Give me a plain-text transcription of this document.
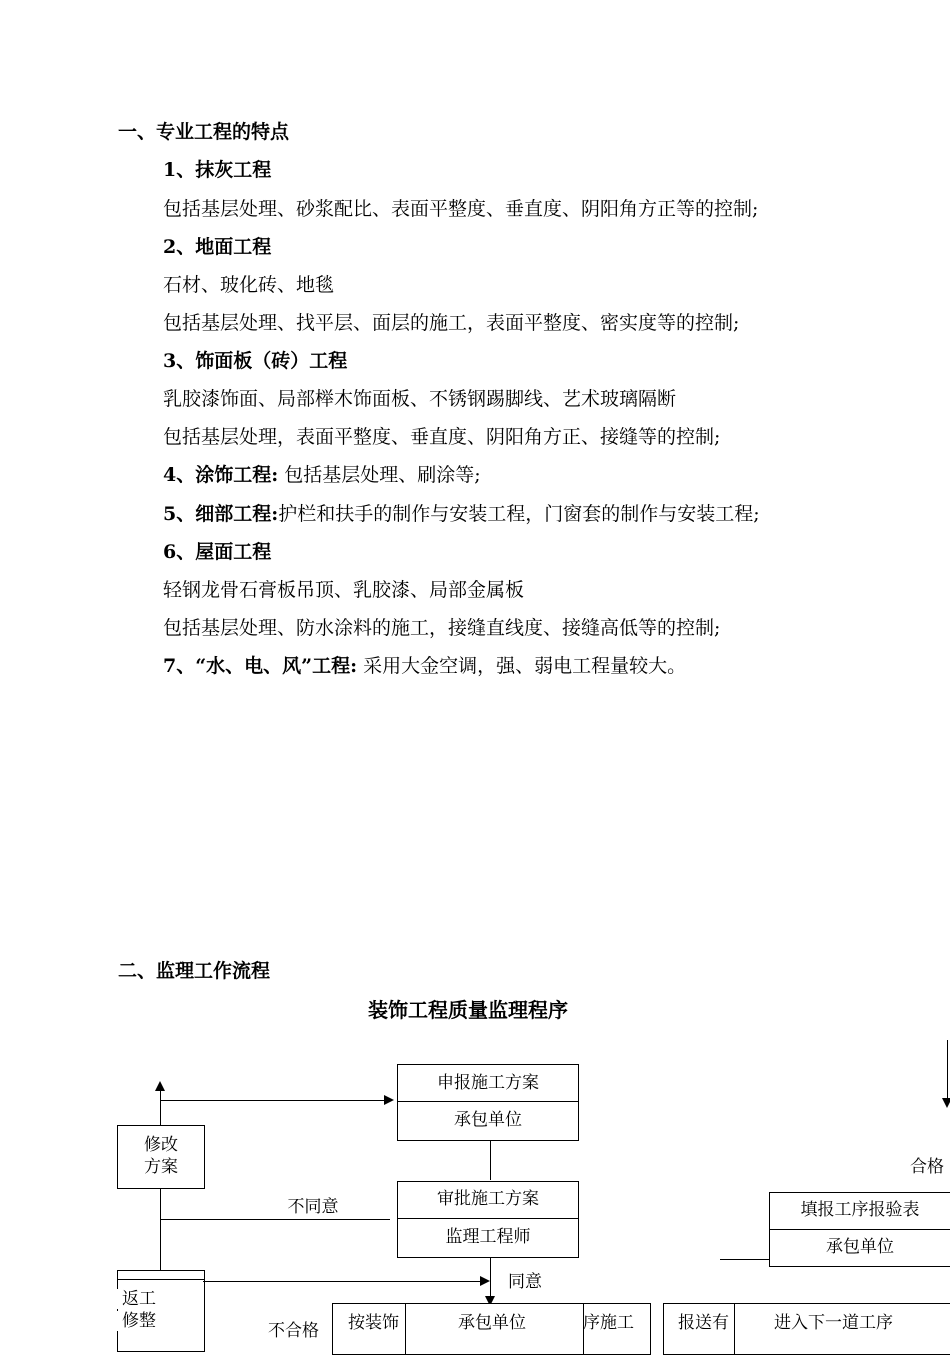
一、专业工程的特点
1、抹灰工程
包括基层处理、砂浆配比、表面平整度、垂直度、阴阳角方正等的控制;
2、地面工程
石材、玻化砖、地毯
包括基层处理、找平层、面层的施工，表面平整度、密实度等的控制;
3、饰面板（砖）工程
乳胶漆饰面、局部榉木饰面板、不锈钢踢脚线、艺术玻璃隔断
包括基层处理，表面平整度、垂直度、阴阳角方正、接缝等的控制;
4、涂饰工程: 包括基层处理、刷涂等;
5、细部工程:护栏和扶手的制作与安装工程，门窗套的制作与安装工程;
6、屋面工程
轻钢龙骨石膏板吊顶、乳胶漆、局部金属板
包括基层处理、防水涂料的施工，接缝直线度、接缝高低等的控制;
7、“水、电、风”工程: 采用大金空调，强、弱电工程量较大。
二、监理工作流程
装饰工程质量监理程序
申报施工方案
承包单位
修改
方案
审批施工方案
监理工程师
不同意
同意
返工
修整	不合格 按装饰	承包单位	序施工
合格
填报工序报验表
承包单位
报送有	进入下一道工序
